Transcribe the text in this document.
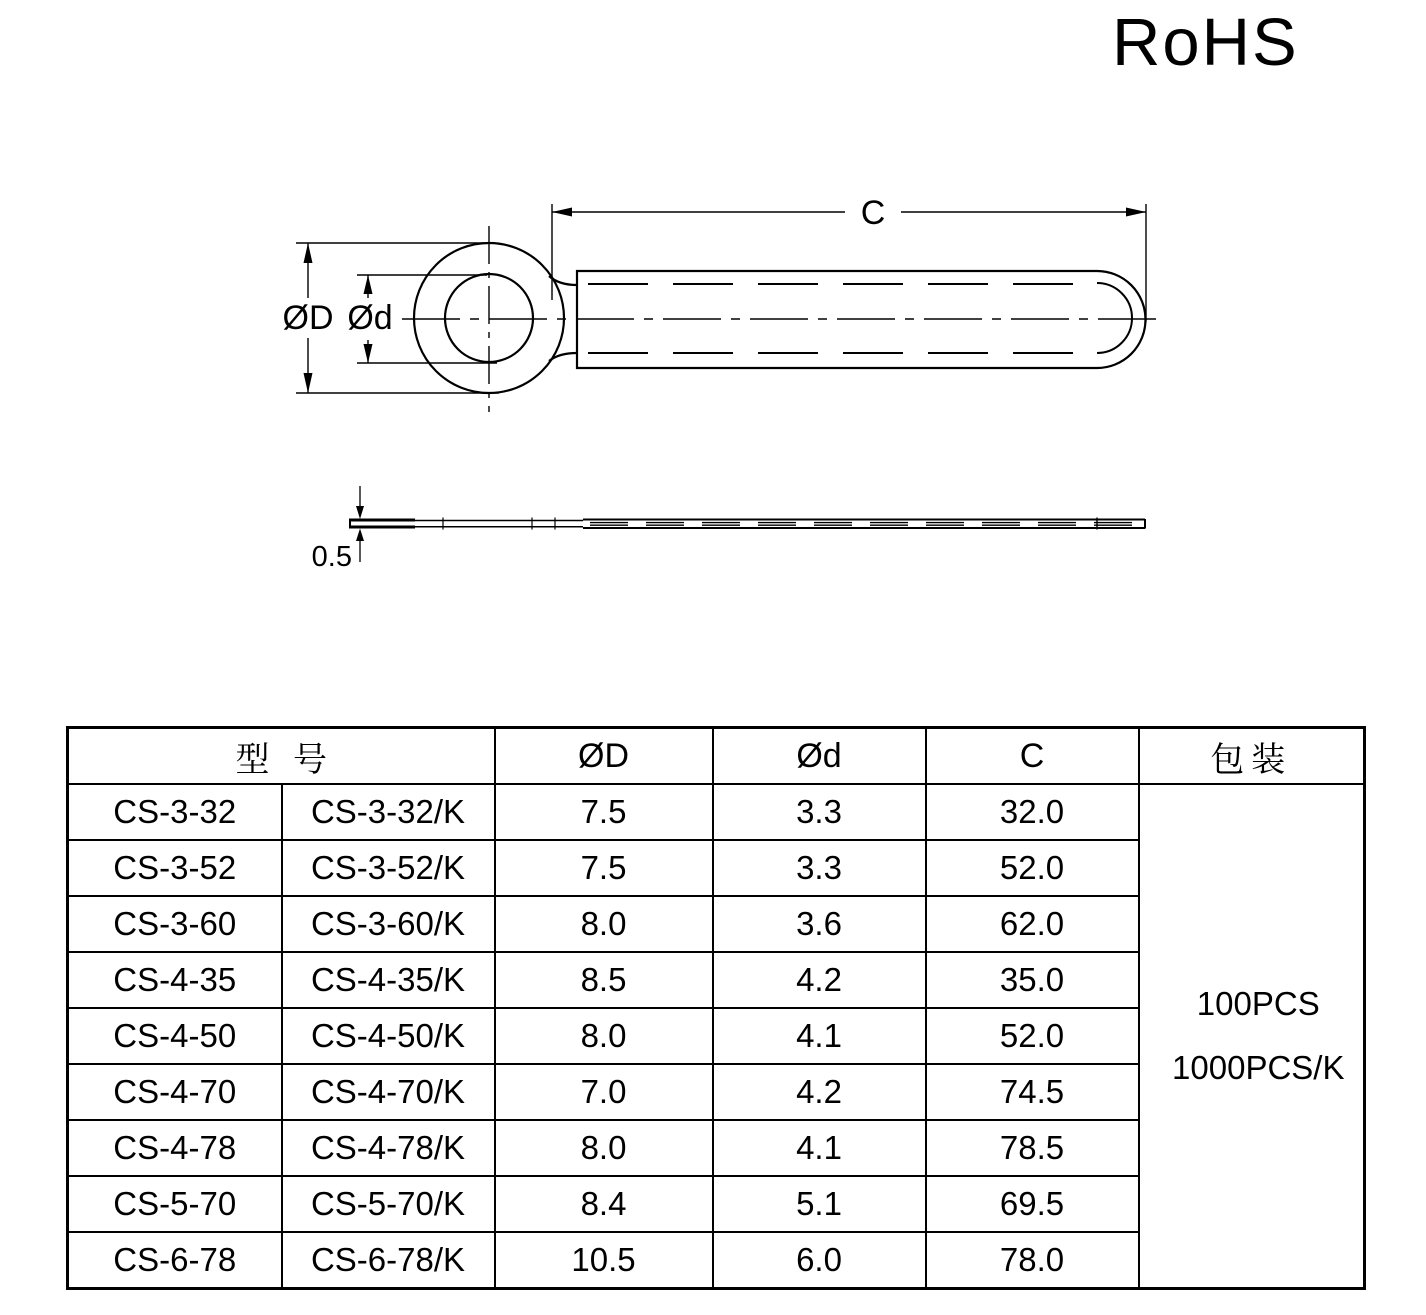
RoHS
ØD Ød
C
0.5
型 号		ØD	Ød	C	包装
CS-3-32	CS-3-32/K	7.5	3.3	32.0	100PCS
1000PCS/K

CS-3-52	CS-3-52/K	7.5	3.3	52.0	
CS-3-60	CS-3-60/K	8.0	3.6	62.0	
CS-4-35	CS-4-35/K	8.5	4.2	35.0	
CS-4-50	CS-4-50/K	8.0	4.1	52.0	
CS-4-70	CS-4-70/K	7.0	4.2	74.5	
CS-4-78	CS-4-78/K	8.0	4.1	78.5	
CS-5-70	CS-5-70/K	8.4	5.1	69.5	
CS-6-78	CS-6-78/K	10.5	6.0	78.0	
